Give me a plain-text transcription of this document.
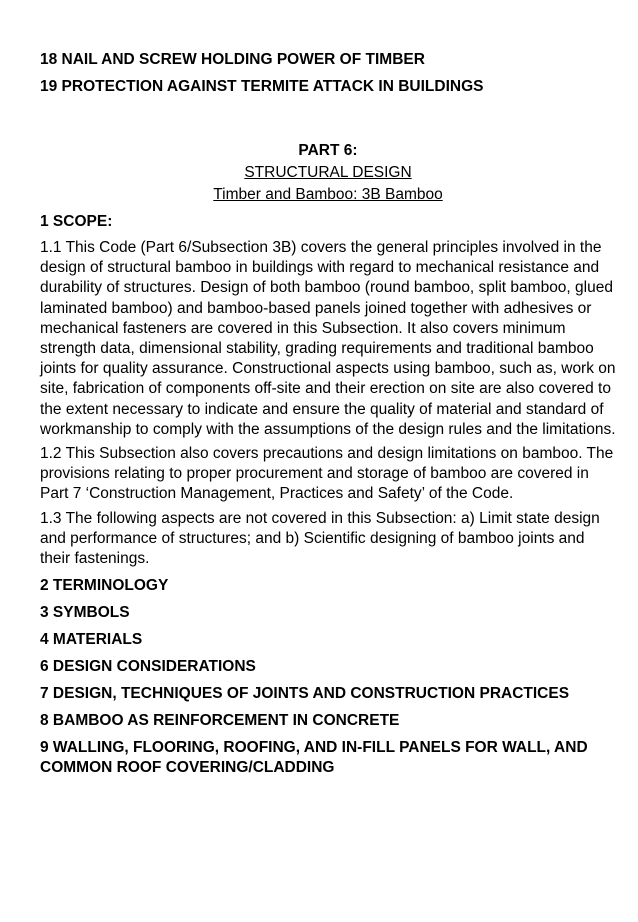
18 NAIL AND SCREW HOLDING POWER OF TIMBER

19 PROTECTION AGAINST TERMITE ATTACK IN BUILDINGS

PART 6:

STRUCTURAL DESIGN

Timber and Bamboo: 3B Bamboo

1 SCOPE:

1.1 This Code (Part 6/Subsection 3B) covers the general principles involved in the design of structural bamboo in buildings with regard to mechanical resistance and durability of structures. Design of both bamboo (round bamboo, split bamboo, glued laminated bamboo) and bamboo-based panels joined together with adhesives or mechanical fasteners are covered in this Subsection. It also covers minimum strength data, dimensional stability, grading requirements and traditional bamboo joints for quality assurance. Constructional aspects using bamboo, such as, work on site, fabrication of components off-site and their erection on site are also covered to the extent necessary to indicate and ensure the quality of material and standard of workmanship to comply with the assumptions of the design rules and the limitations.

1.2 This Subsection also covers precautions and design limitations on bamboo. The provisions relating to proper procurement and storage of bamboo are covered in Part 7 ‘Construction Management, Practices and Safety’ of the Code.

1.3 The following aspects are not covered in this Subsection: a) Limit state design and performance of structures; and b) Scientific designing of bamboo joints and their fastenings.

2 TERMINOLOGY

3 SYMBOLS

4 MATERIALS

6 DESIGN CONSIDERATIONS

7 DESIGN, TECHNIQUES OF JOINTS AND CONSTRUCTION PRACTICES

8 BAMBOO AS REINFORCEMENT IN CONCRETE

9 WALLING, FLOORING, ROOFING, AND IN-FILL PANELS FOR WALL, AND COMMON ROOF COVERING/CLADDING
